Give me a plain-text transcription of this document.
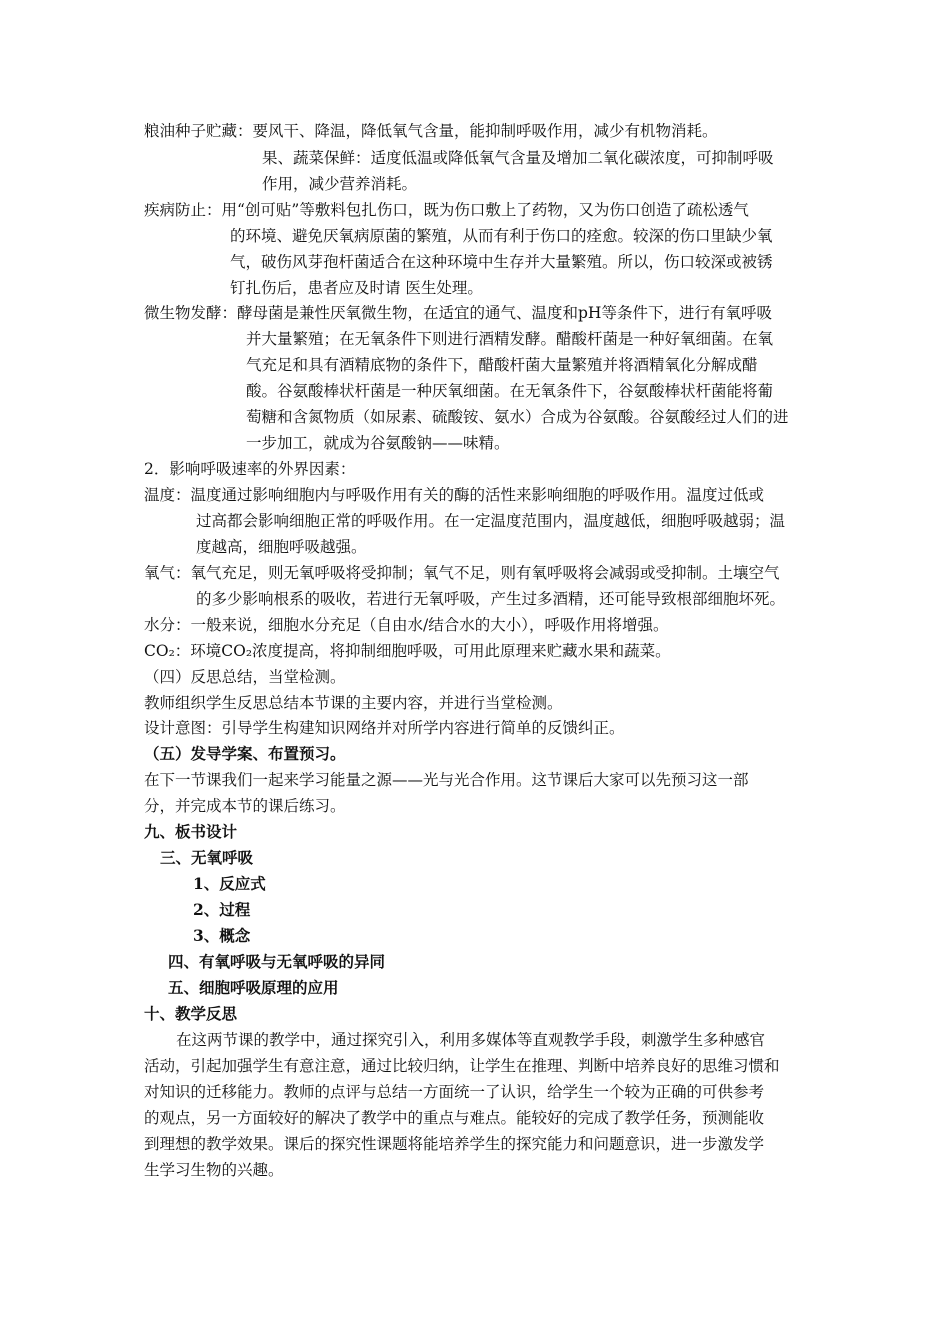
粮油种子贮藏：要风干、降温，降低氧气含量，能抑制呼吸作用，减少有机物消耗。
果、蔬菜保鲜：适度低温或降低氧气含量及增加二氧化碳浓度，可抑制呼吸
作用，减少营养消耗。
疾病防止：用“创可贴”等敷料包扎伤口，既为伤口敷上了药物，又为伤口创造了疏松透气
的环境、避免厌氧病原菌的繁殖，从而有利于伤口的痊愈。较深的伤口里缺少氧
气，破伤风芽孢杆菌适合在这种环境中生存并大量繁殖。所以，伤口较深或被锈
钉扎伤后，患者应及时请 医生处理。
微生物发酵：酵母菌是兼性厌氧微生物，在适宜的通气、温度和pH等条件下，进行有氧呼吸
并大量繁殖；在无氧条件下则进行酒精发酵。醋酸杆菌是一种好氧细菌。在氧
气充足和具有酒精底物的条件下，醋酸杆菌大量繁殖并将酒精氧化分解成醋
酸。谷氨酸棒状杆菌是一种厌氧细菌。在无氧条件下，谷氨酸棒状杆菌能将葡
萄糖和含氮物质（如尿素、硫酸铵、氨水）合成为谷氨酸。谷氨酸经过人们的进
一步加工，就成为谷氨酸钠——味精。
2．影响呼吸速率的外界因素：
温度：温度通过影响细胞内与呼吸作用有关的酶的活性来影响细胞的呼吸作用。温度过低或
过高都会影响细胞正常的呼吸作用。在一定温度范围内，温度越低，细胞呼吸越弱；温
度越高，细胞呼吸越强。
氧气：氧气充足，则无氧呼吸将受抑制；氧气不足，则有氧呼吸将会减弱或受抑制。土壤空气
的多少影响根系的吸收，若进行无氧呼吸，产生过多酒精，还可能导致根部细胞坏死。
水分：一般来说，细胞水分充足（自由水/结合水的大小），呼吸作用将增强。
CO₂：环境CO₂浓度提高，将抑制细胞呼吸，可用此原理来贮藏水果和蔬菜。
（四）反思总结，当堂检测。
教师组织学生反思总结本节课的主要内容，并进行当堂检测。
设计意图：引导学生构建知识网络并对所学内容进行简单的反馈纠正。
（五）发导学案、布置预习。
在下一节课我们一起来学习能量之源——光与光合作用。这节课后大家可以先预习这一部
分，并完成本节的课后练习。
九、板书设计
三、无氧呼吸
1、反应式
2、过程
3、概念
四、有氧呼吸与无氧呼吸的异同
五、细胞呼吸原理的应用
十、教学反思
在这两节课的教学中，通过探究引入，利用多媒体等直观教学手段，刺激学生多种感官
活动，引起加强学生有意注意，通过比较归纳，让学生在推理、判断中培养良好的思维习惯和
对知识的迁移能力。教师的点评与总结一方面统一了认识，给学生一个较为正确的可供参考
的观点，另一方面较好的解决了教学中的重点与难点。能较好的完成了教学任务，预测能收
到理想的教学效果。课后的探究性课题将能培养学生的探究能力和问题意识，进一步激发学
生学习生物的兴趣。
